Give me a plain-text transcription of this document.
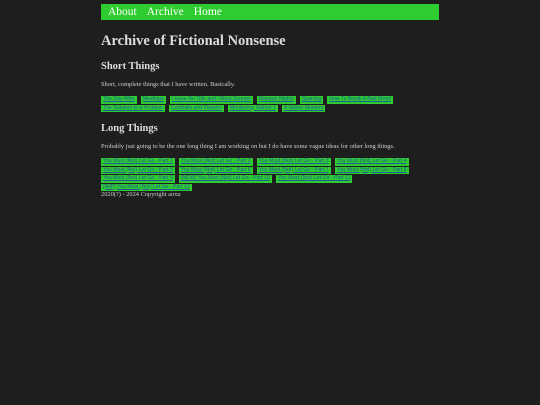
About Archive Home
Archive of Fictional Nonsense
Short Things

Short, complete things that I have written. Basically.

The Day After	Meetings	I Have No Title and I Must Scream	Manaan Nights	Sparring	How To Break A Bad Mood
The Solution to a Problem	Cocktails and Flowers	Monitoring Station 1	A Stolen Moment
Long Things

Probably just going to be the one long thing I am working on but I do have some vague ideas for other long things.

You Must (Not) Let Go - Part 1	You Must (Not) Let Go - Part 2	You Must (Not) Let Go - Part 3	You Must (Not) Let Go - Part 4
You Must (Not) Let Go - Part 5	You Must (Not) Let Go - Part 6	You Must (Not) Let Go - Part 7	You Must (Not) Let Go - Part 8
You Must (Not) Let Go - Part 9	[NEW] You Must (Not) Let Go - Part 10	You Must (Not) Let Go - Part 11
[WIP] You Must (Not) Let Go - Part 12
2020(?) - 2024 Copyright aoxu
